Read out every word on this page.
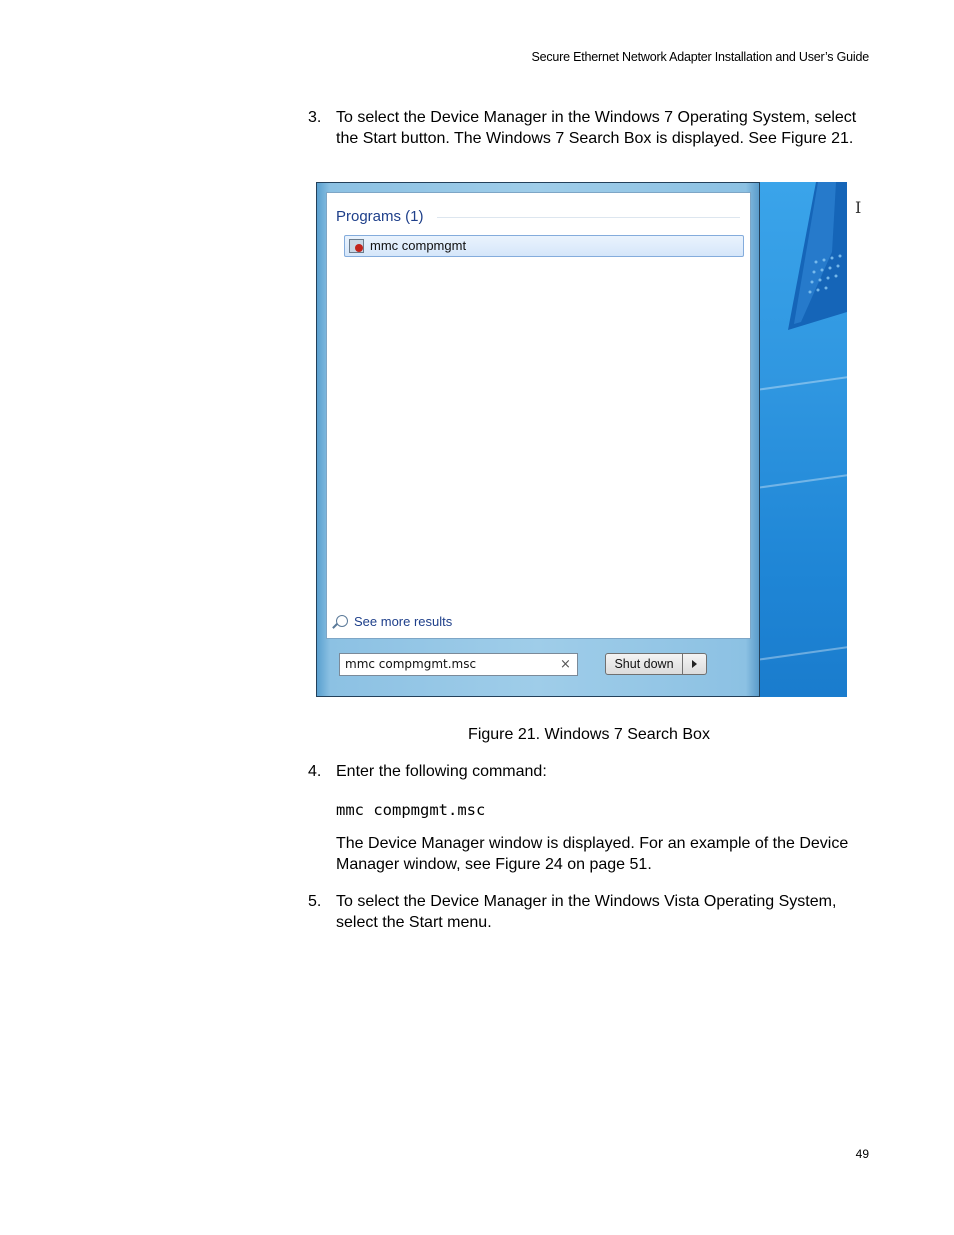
Secure Ethernet Network Adapter Installation and User’s Guide
3. To select the Device Manager in the Windows 7 Operating System, select the Start button. The Windows 7 Search Box is displayed. See Figure 21.
Programs (1)
mmc compmgmt
See more results
mmc compmgmt.msc	×	Shut down
I
Figure 21. Windows 7 Search Box
4. Enter the following command:
mmc compmgmt.msc
The Device Manager window is displayed. For an example of the Device Manager window, see Figure 24 on page 51.
5. To select the Device Manager in the Windows Vista Operating System, select the Start menu.
49
